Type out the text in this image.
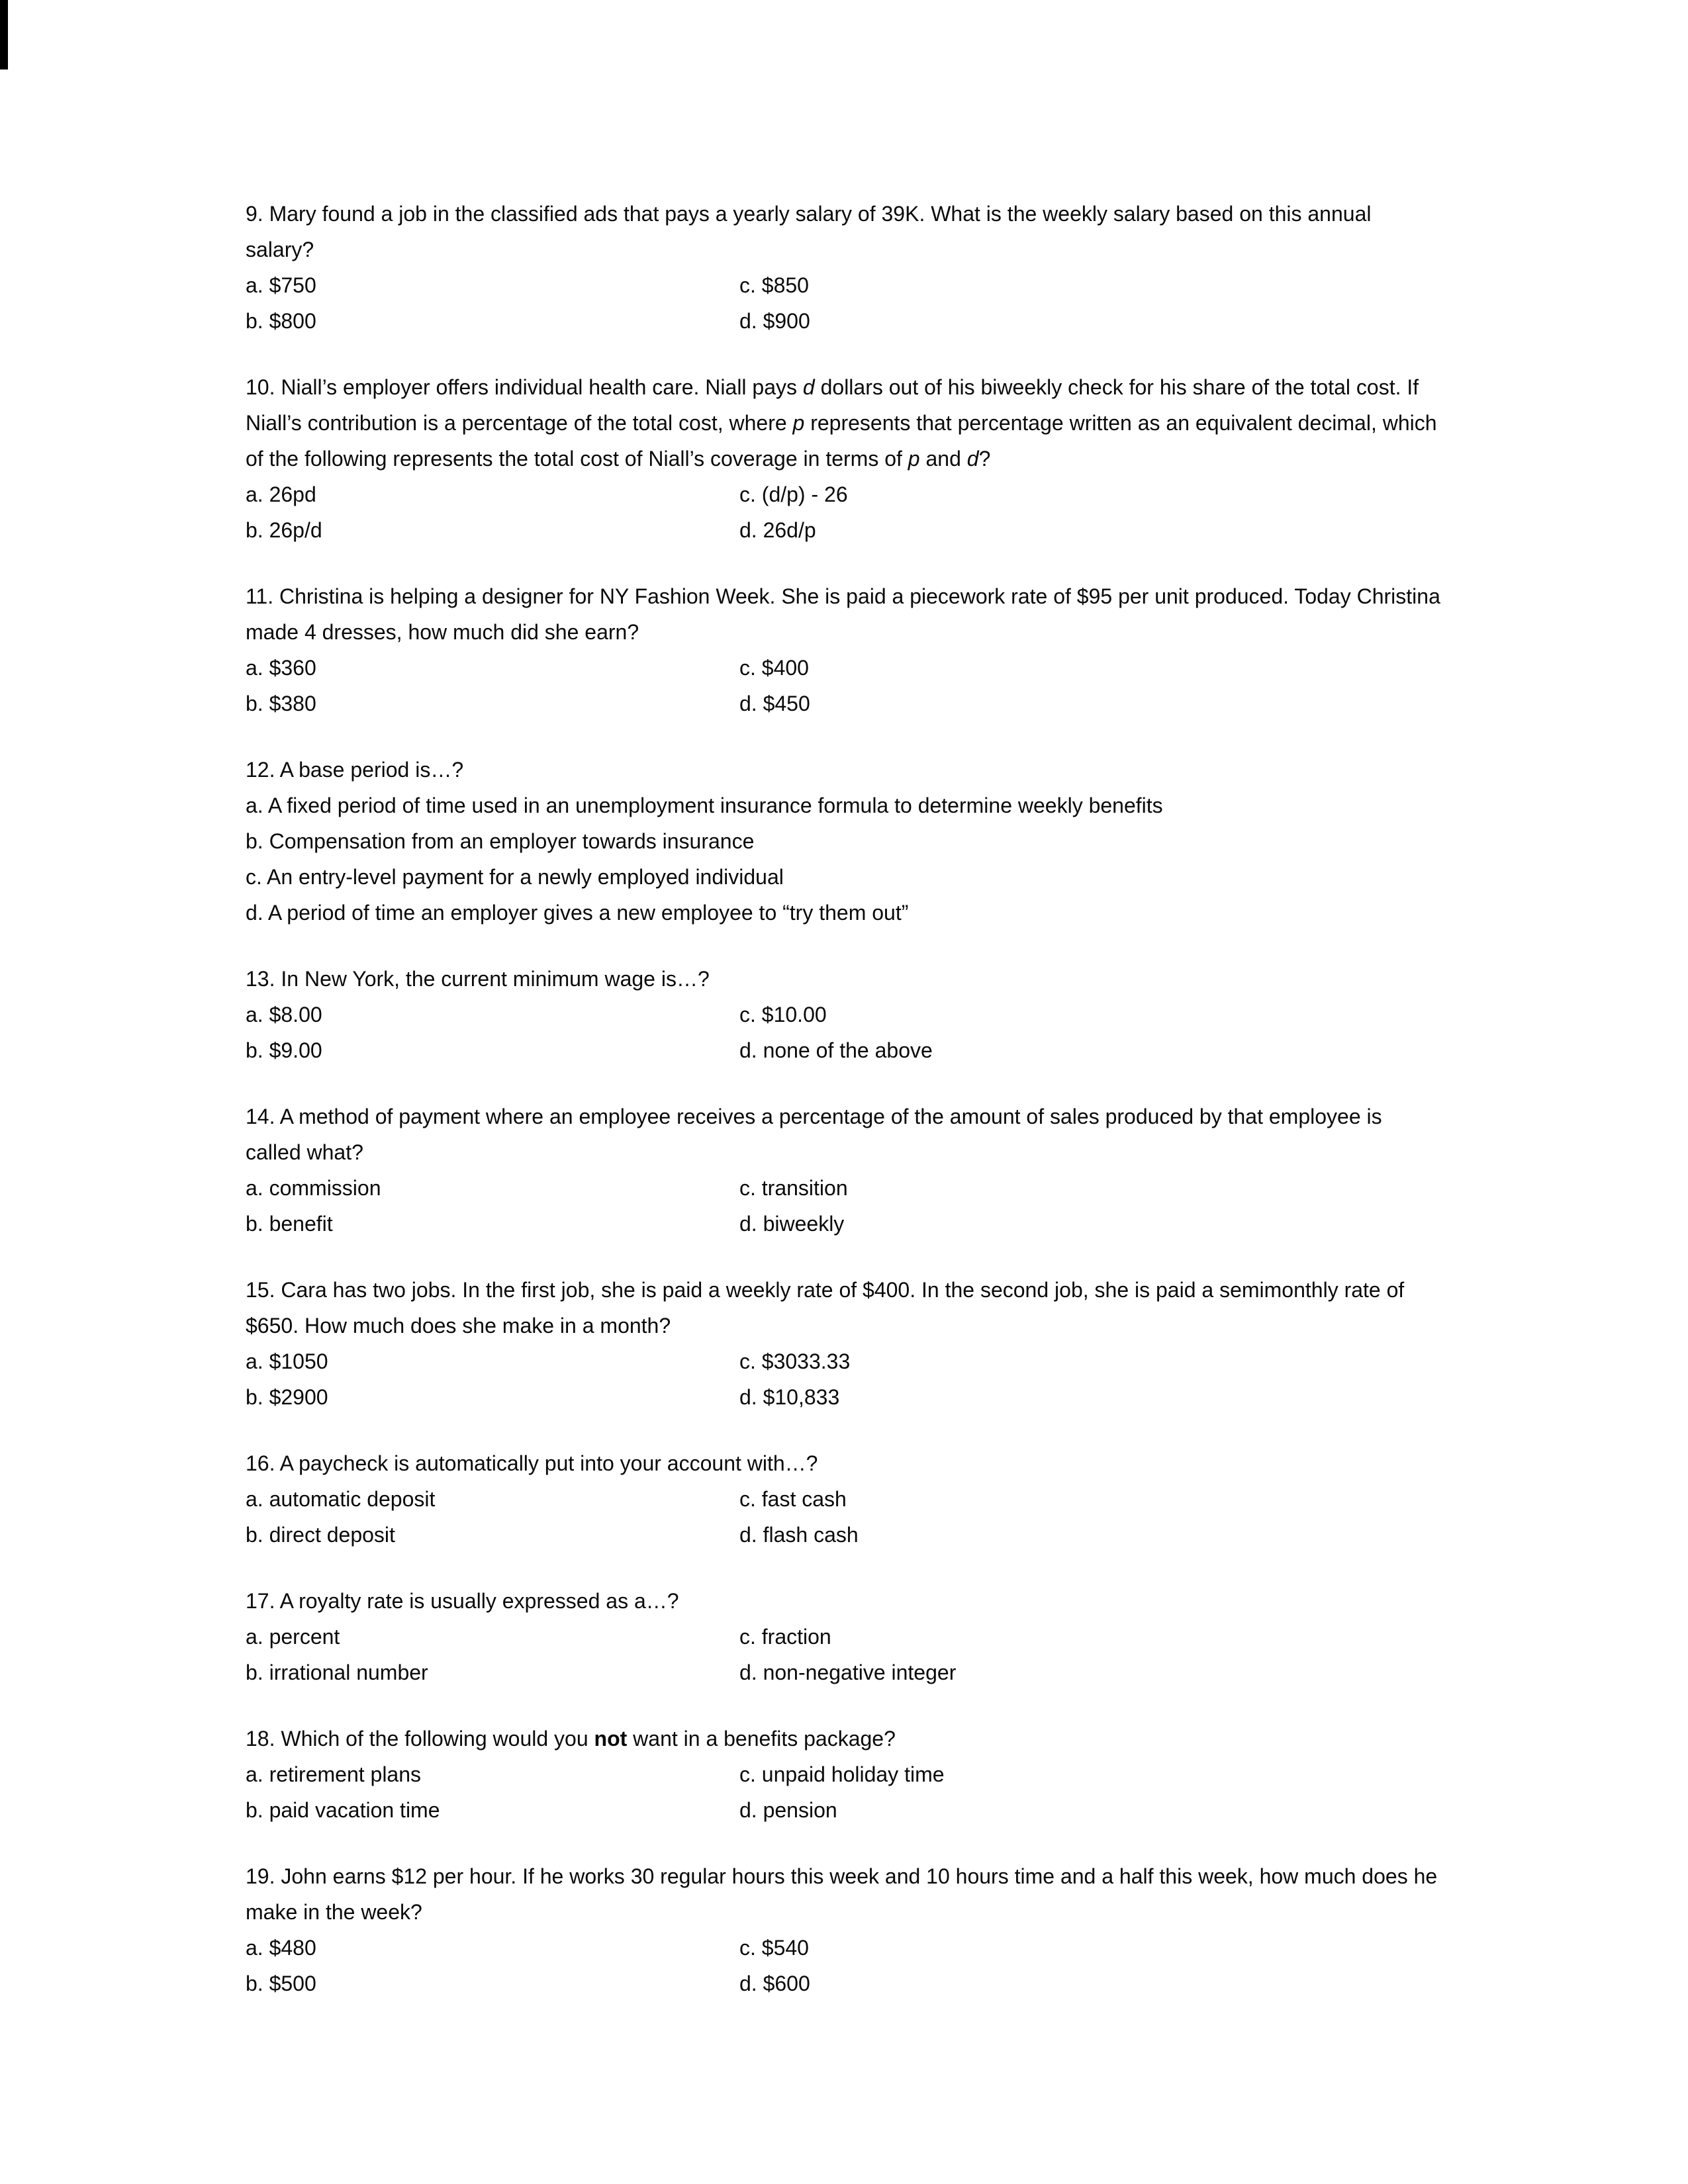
9. Mary found a job in the classified ads that pays a yearly salary of 39K. What is the weekly salary based on this annual salary?

a. $750

b. $800

c. $850

d. $900

10. Niall’s employer offers individual health care. Niall pays d dollars out of his biweekly check for his share of the total cost. If Niall’s contribution is a percentage of the total cost, where p represents that percentage written as an equivalent decimal, which of the following represents the total cost of Niall’s coverage in terms of p and d?

a. 26pd

b. 26p/d

c. (d/p) - 26

d. 26d/p

11. Christina is helping a designer for NY Fashion Week. She is paid a piecework rate of $95 per unit produced. Today Christina made 4 dresses, how much did she earn?

a. $360

b. $380

c. $400

d. $450

12. A base period is…?

a. A fixed period of time used in an unemployment insurance formula to determine weekly benefits

b. Compensation from an employer towards insurance

c. An entry-level payment for a newly employed individual

d. A period of time an employer gives a new employee to “try them out”

13. In New York, the current minimum wage is…?

a. $8.00

b. $9.00

c. $10.00

d. none of the above

14. A method of payment where an employee receives a percentage of the amount of sales produced by that employee is called what?

a. commission

b. benefit

c. transition

d. biweekly

15. Cara has two jobs. In the first job, she is paid a weekly rate of $400. In the second job, she is paid a semimonthly rate of $650. How much does she make in a month?

a. $1050

b. $2900

c. $3033.33

d. $10,833

16. A paycheck is automatically put into your account with…?

a. automatic deposit

b. direct deposit

c. fast cash

d. flash cash

17. A royalty rate is usually expressed as a…?

a. percent

b. irrational number

c. fraction

d. non-negative integer

18. Which of the following would you not want in a benefits package?

a. retirement plans

b. paid vacation time

c. unpaid holiday time

d. pension

19. John earns $12 per hour. If he works 30 regular hours this week and 10 hours time and a half this week, how much does he make in the week?

a. $480

b. $500

c. $540

d. $600
